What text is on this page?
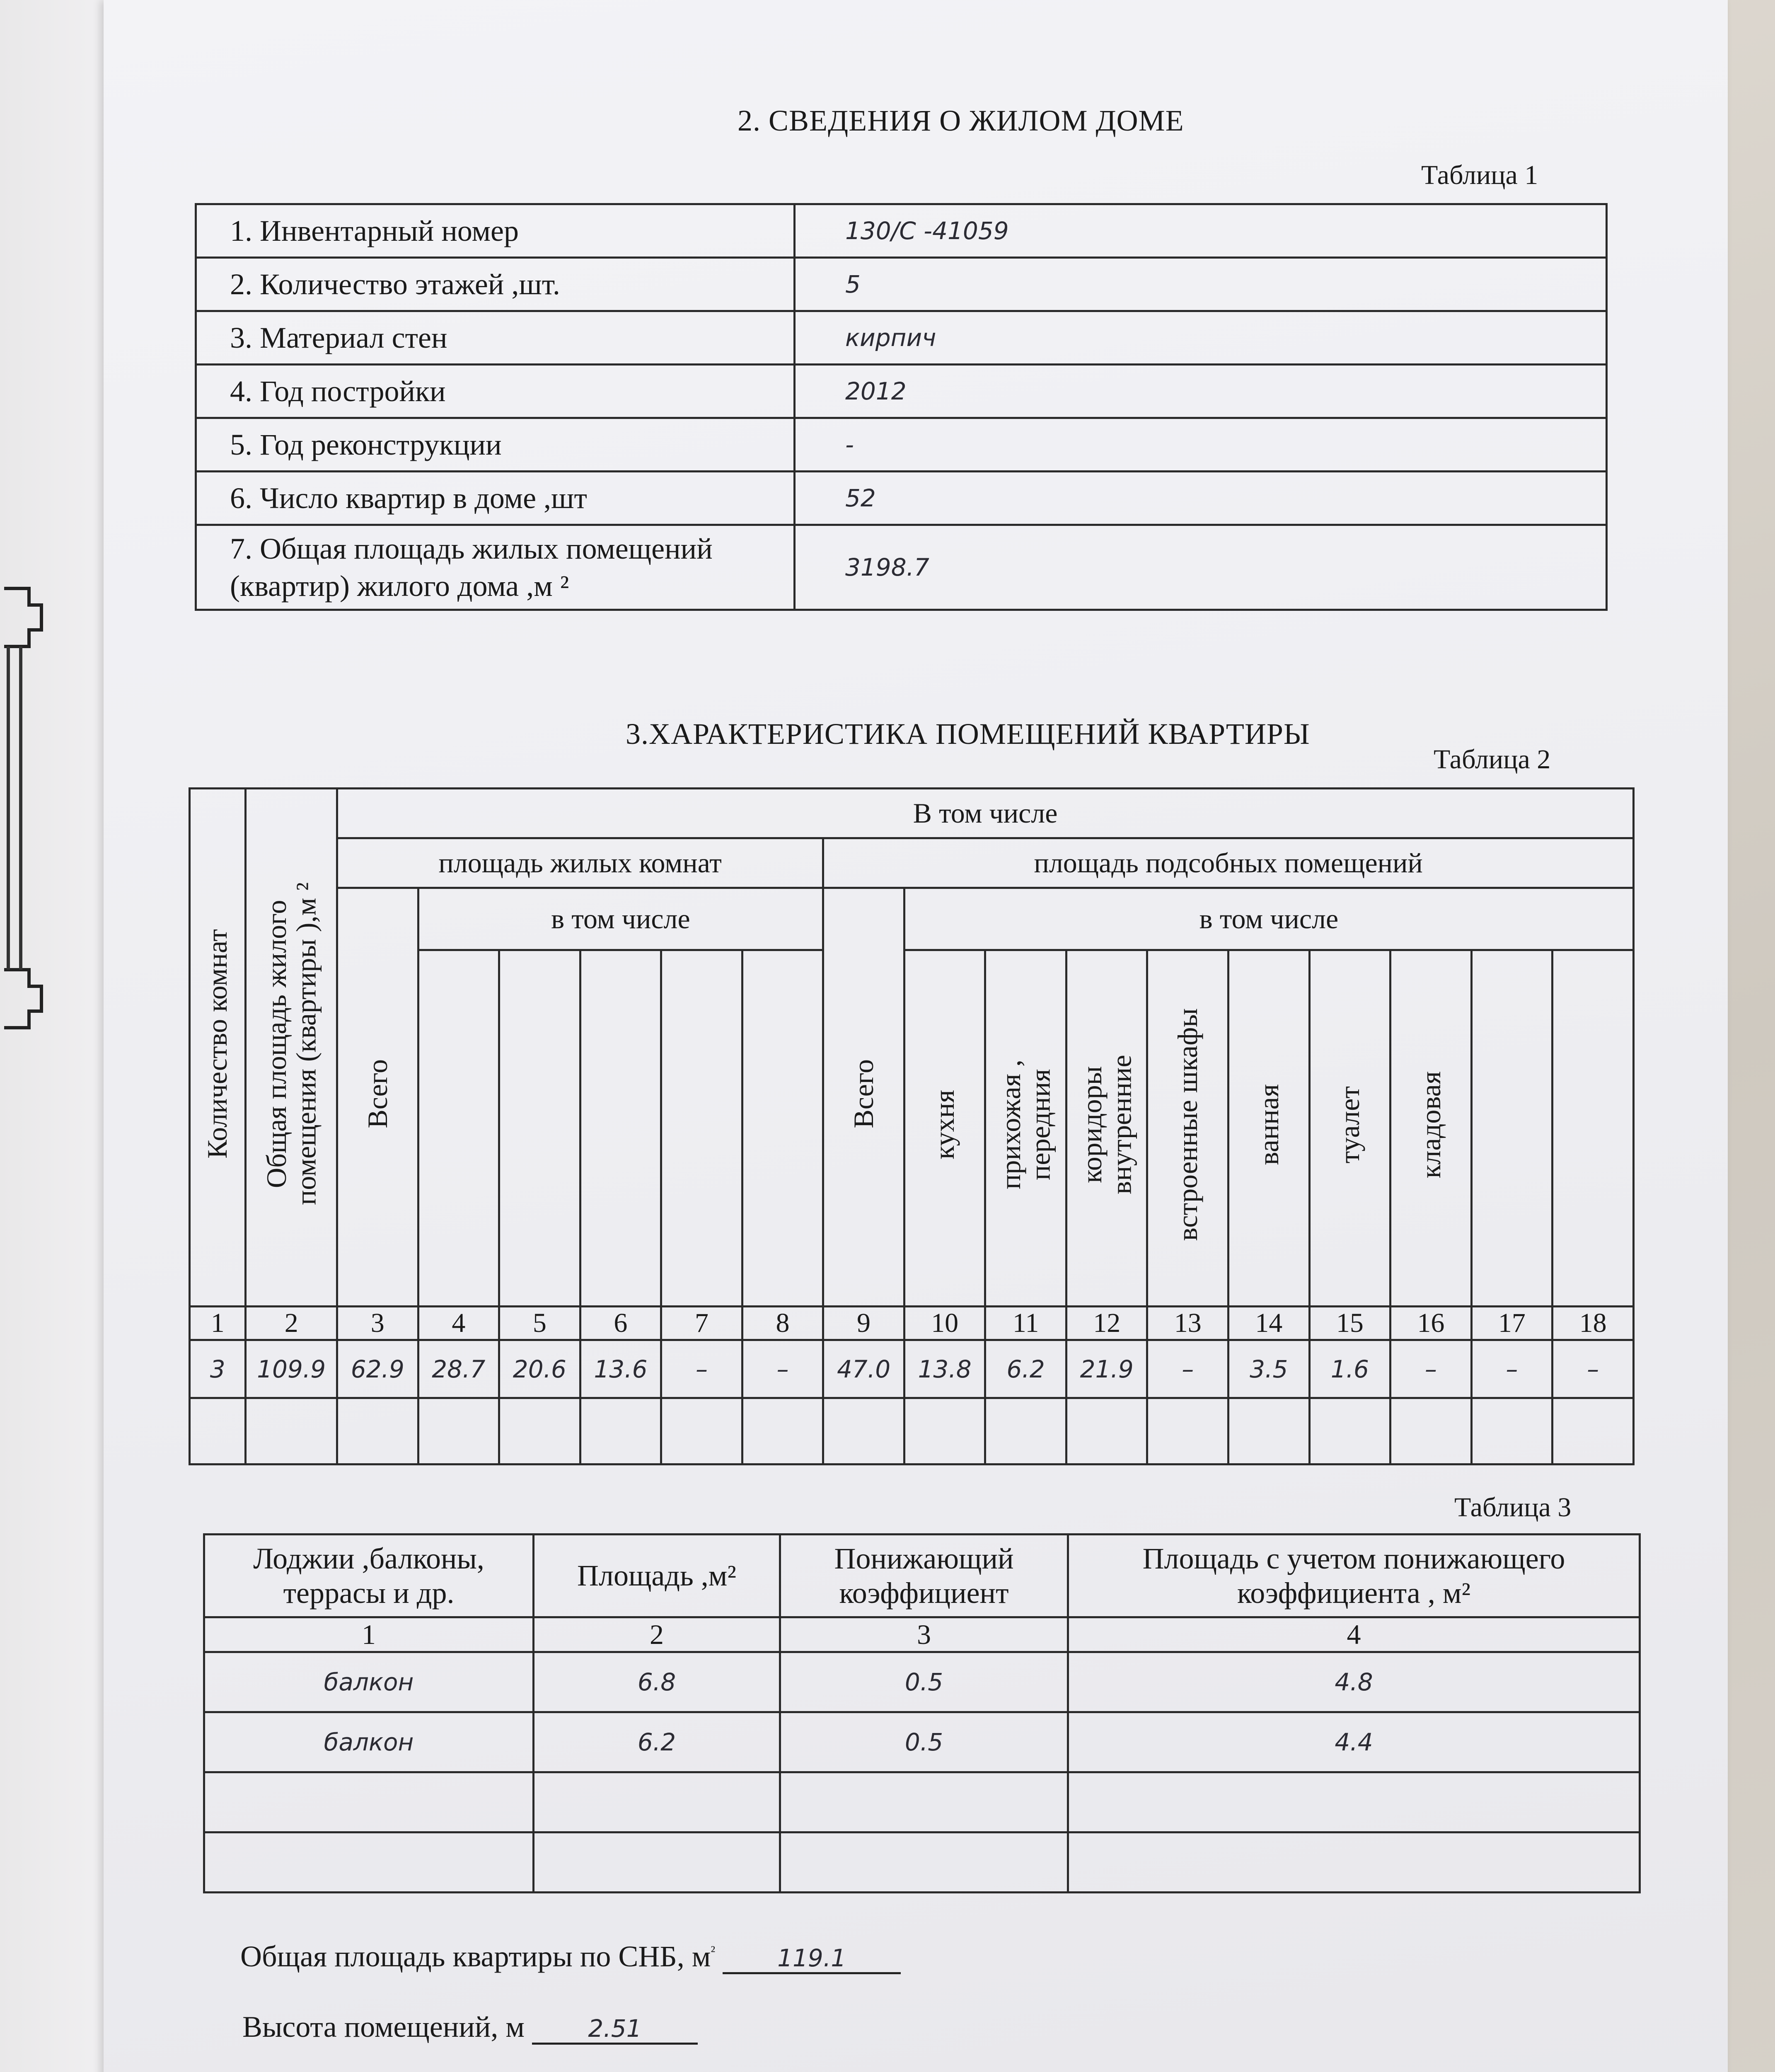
2. СВЕДЕНИЯ О ЖИЛОМ ДОМЕ
Таблица 1
1. Инвентарный номер	130/С -41059
2. Количество этажей ,шт.	5
3. Материал стен	кирпич
4. Год постройки	2012
5. Год реконструкции	-
6. Число квартир в доме ,шт	52
7. Общая площадь жилых помещений (квартир) жилого дома ,м ²	3198.7
3.ХАРАКТЕРИСТИКА ПОМЕЩЕНИЙ КВАРТИРЫ
Таблица 2
Количество комнат	Общая площадь жилого помещения (квартиры ),м ²	В том числе															
		площадь жилых комнат						площадь подсобных помещений									
		Всего	в том числе					Всего	в том числе								
									кухня	прихожая , передния	коридоры внутренние	встроенные шкафы	ванная	туалет	кладовая		
1	2	3	4	5	6	7	8	9	10	11	12	13	14	15	16	17	18
3	109.9	62.9	28.7	20.6	13.6	–	–	47.0	13.8	6.2	21.9	–	3.5	1.6	–	–	–

Таблица 3
Лоджии ,балконы, террасы и др.	Площадь ,м²	Понижающий коэффициент	Площадь с учетом понижающего коэффициента , м²
1	2	3	4
балкон	6.8	0.5	4.8
балкон	6.2	0.5	4.4

Общая площадь квартиры по СНБ, $м^{^2}$	119.1
Высота помещений, м	2.51
